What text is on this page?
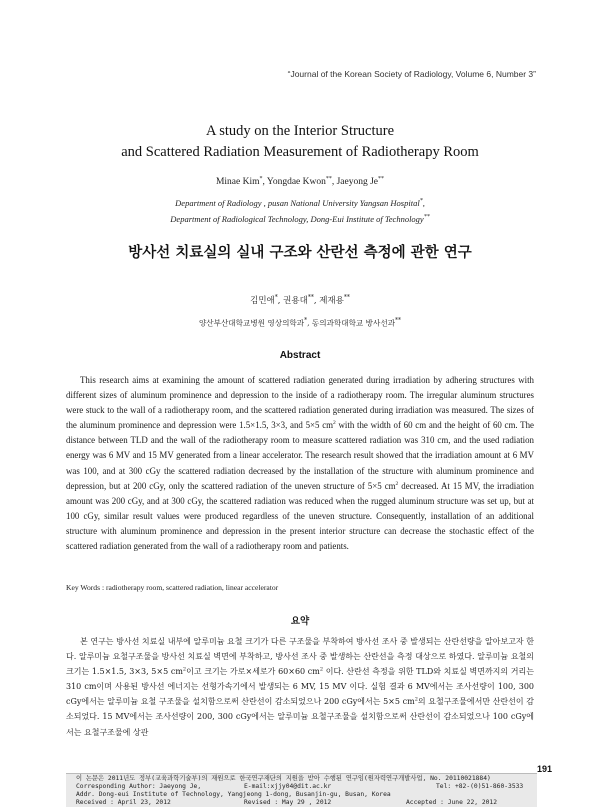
“Journal of the Korean Society of Radiology, Volume 6, Number 3”
A study on the Interior Structure
and Scattered Radiation Measurement of Radiotherapy Room
Minae Kim*, Yongdae Kwon**, Jaeyong Je**
Department of Radiology , pusan National University Yangsan Hospital*,
Department of Radiological Technology, Dong-Eui Institute of Technology**
방사선 치료실의 실내 구조와 산란선 측정에 관한 연구
김민애*, 권용대**, 제재용**
양산부산대학교병원 영상의학과*, 동의과학대학교 방사선과**
Abstract
This research aims at examining the amount of scattered radiation generated during irradiation by adhering structures with different sizes of aluminum prominence and depression to the inside of a radiotherapy room. The irregular aluminum structures were stuck to the wall of a radiotherapy room, and the scattered radiation generated during irradiation was measured. The sizes of the aluminum prominence and depression were 1.5×1.5, 3×3, and 5×5 $cm^2$ with the width of 60 cm and the height of 60 cm. The distance between TLD and the wall of the radiotherapy room to measure scattered radiation was 310 cm, and the used radiation energy was 6 MV and 15 MV generated from a linear accelerator. The research result showed that the irradiation amount at 6 MV was 100, and at 300 cGy the scattered radiation decreased by the installation of the structure with aluminum prominence and depression, but at 200 cGy, only the scattered radiation of the uneven structure of 5×5 $cm^2$ decreased. At 15 MV, the irradiation amount was 200 cGy, and at 300 cGy, the scattered radiation was reduced when the rugged aluminum structure was set up, but at 100 cGy, similar result values were produced regardless of the uneven structure. Consequently, installation of an additional structure with aluminum prominence and depression in the present interior structure can decrease the stochastic effect of the scattered radiation generated from the wall of a radiotherapy room and patients.
Key Words : radiotherapy room, scattered radiation, linear accelerator
요약
본 연구는 방사선 치료실 내부에 알루미늄 요철 크기가 다른 구조물을 부착하여 방사선 조사 중 발생되는 산란선량을 알아보고자 한다. 알루미늄 요철구조물을 방사선 치료실 벽면에 부착하고, 방사선 조사 중 발생하는 산란선을 측정 대상으로 하였다. 알루미늄 요철의 크기는 1.5×1.5, 3×3, 5×5 $cm^2$이고 크기는 가로×세로가 60×60 $cm^2$ 이다. 산란선 측정을 위한 TLD와 치료실 벽면까지의 거리는 310 cm이며 사용된 방사선 에너지는 선형가속기에서 발생되는 6 MV, 15 MV 이다. 실험 결과 6 MV에서는 조사선량이 100, 300 cGy에서는 알루미늄 요철 구조물을 설치함으로써 산란선이 감소되었으나 200 cGy에서는 5×5 $cm^2$의 요철구조물에서만 산란선이 감소되었다. 15 MV에서는 조사선량이 200, 300 cGy에서는 알루미늄 요철구조물을 설치함으로써 산란선이 감소되었으나 100 cGy에서는 요철구조물에 상관
191
이 논문은 2011년도 정부(교육과학기술부)의 재원으로 한국연구재단의 지원을 받아 수행된 연구임(원자력연구개발사업, No. 20110021884)
Corresponding Author: Jaeyong Je,	E-mail:xjjy04@dit.ac.kr	Tel: +82-(0)51-860-3533
Addr. Dong-eui Institute of Technology, Yangjeong 1-dong, Busanjin-gu, Busan, Korea
Received : April 23, 2012	Revised : May 29 , 2012	Accepted : June 22, 2012
